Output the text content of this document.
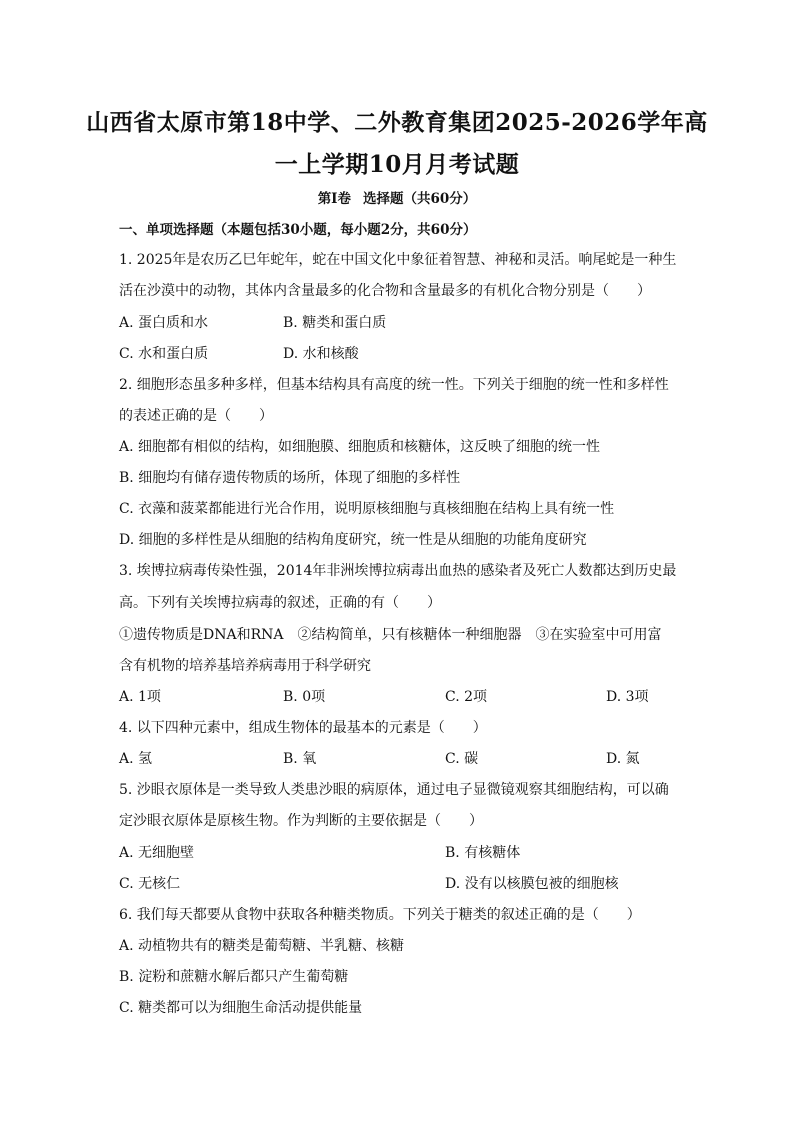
山西省太原市第18中学、二外教育集团2025-2026学年高
一上学期10月月考试题
第Ⅰ卷 选择题（共60分）
一、单项选择题（本题包括30小题，每小题2分，共60分）
1. 2025年是农历乙巳年蛇年，蛇在中国文化中象征着智慧、神秘和灵活。响尾蛇是一种生
活在沙漠中的动物，其体内含量最多的化合物和含量最多的有机化合物分别是（　　）
A. 蛋白质和水	B. 糖类和蛋白质
C. 水和蛋白质	D. 水和核酸
2. 细胞形态虽多种多样，但基本结构具有高度的统一性。下列关于细胞的统一性和多样性
的表述正确的是（　　）
A. 细胞都有相似的结构，如细胞膜、细胞质和核糖体，这反映了细胞的统一性
B. 细胞均有储存遗传物质的场所，体现了细胞的多样性
C. 衣藻和菠菜都能进行光合作用，说明原核细胞与真核细胞在结构上具有统一性
D. 细胞的多样性是从细胞的结构角度研究，统一性是从细胞的功能角度研究
3. 埃博拉病毒传染性强，2014年非洲埃博拉病毒出血热的感染者及死亡人数都达到历史最
高。下列有关埃博拉病毒的叙述，正确的有（　　）
①遗传物质是DNA和RNA　②结构简单，只有核糖体一种细胞器　③在实验室中可用富
含有机物的培养基培养病毒用于科学研究
A. 1项	B. 0项	C. 2项	D. 3项
4. 以下四种元素中，组成生物体的最基本的元素是（　　）
A. 氢	B. 氧	C. 碳	D. 氮
5. 沙眼衣原体是一类导致人类患沙眼的病原体，通过电子显微镜观察其细胞结构，可以确
定沙眼衣原体是原核生物。作为判断的主要依据是（　　）
A. 无细胞壁	B. 有核糖体
C. 无核仁	D. 没有以核膜包被的细胞核
6. 我们每天都要从食物中获取各种糖类物质。下列关于糖类的叙述正确的是（　　）
A. 动植物共有的糖类是葡萄糖、半乳糖、核糖
B. 淀粉和蔗糖水解后都只产生葡萄糖
C. 糖类都可以为细胞生命活动提供能量
